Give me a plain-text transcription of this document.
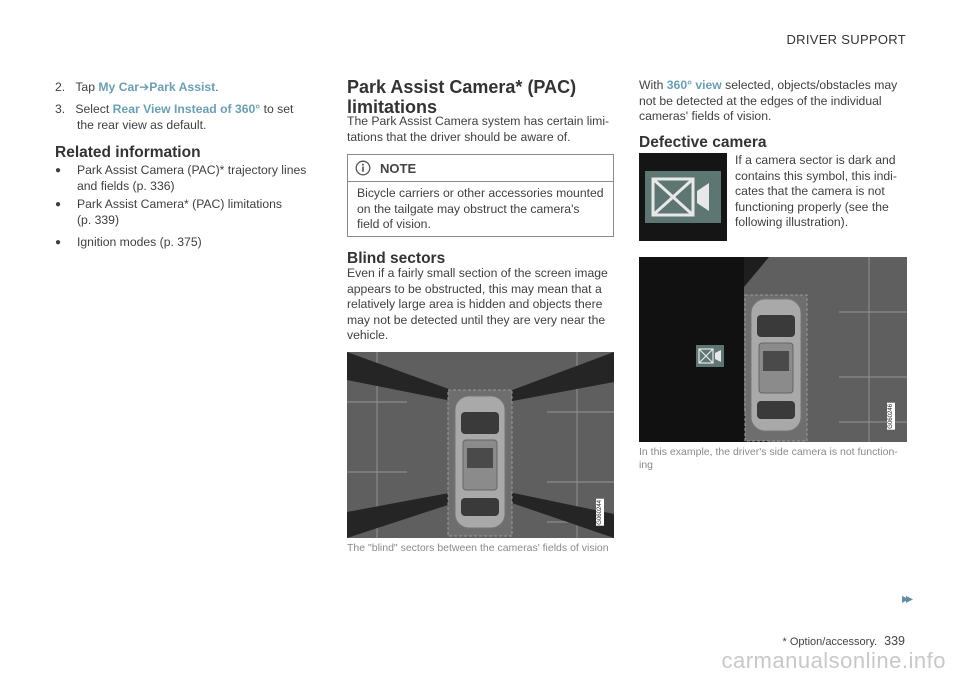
DRIVER SUPPORT
2. Tap My Car➔Park Assist.
3. Select Rear View Instead of 360° to set
the rear view as default.
Related information
●	Park Assist Camera (PAC)* trajectory lines
and fields (p. 336)
●	Park Assist Camera* (PAC) limitations
(p. 339)
●	Ignition modes (p. 375)
Park Assist Camera* (PAC)
limitations
The Park Assist Camera system has certain limi-
tations that the driver should be aware of.
NOTE
Bicycle carriers or other accessories mounted
on the tailgate may obstruct the camera's
field of vision.
Blind sectors
Even if a fairly small section of the screen image
appears to be obstructed, this may mean that a
relatively large area is hidden and objects there
may not be detected until they are very near the
vehicle.
G060244
The "blind" sectors between the cameras' fields of vision
With 360° view selected, objects/obstacles may
not be detected at the edges of the individual
cameras' fields of vision.
Defective camera
If a camera sector is dark and
contains this symbol, this indi-
cates that the camera is not
functioning properly (see the
following illustration).
G060246
In this example, the driver's side camera is not function-
ing
▸▸
* Option/accessory. 339
carmanualsonline.info
